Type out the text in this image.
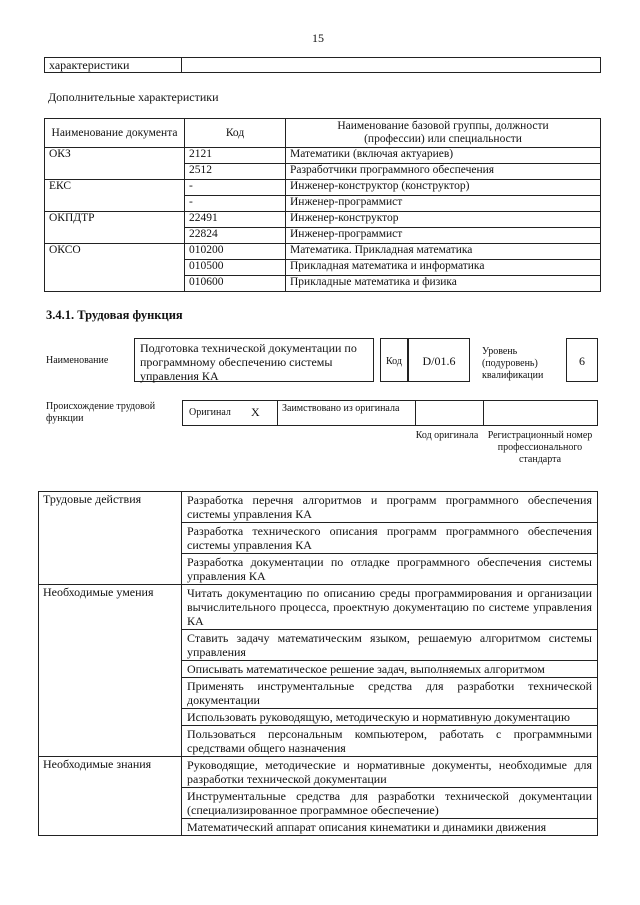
15
характеристики	
Дополнительные характеристики
Наименование документа	Код	Наименование базовой группы, должности (профессии) или специальности
ОКЗ	2121	Математики (включая актуариев)
	2512	Разработчики программного обеспечения
ЕКС	-	Инженер-конструктор (конструктор)
	-	Инженер-программист
ОКПДТР	22491	Инженер-конструктор
	22824	Инженер-программист
ОКСО	010200	Математика. Прикладная математика
	010500	Прикладная математика и информатика
	010600	Прикладные математика и физика
3.4.1. Трудовая функция
Наименование
Подготовка технической документации по программному обеспечению системы управления КА
Код	D/01.6
Уровень (подуровень) квалификации
6
Происхождение трудовой функции
Оригинал X Заимствовано из оригинала
Код оригинала Регистрационный номер профессионального стандарта
Трудовые действия	Разработка перечня алгоритмов и программ программного обеспечения системы управления КА
	Разработка технического описания программ программного обеспечения системы управления КА
	Разработка документации по отладке программного обеспечения системы управления КА
Необходимые умения	Читать документацию по описанию среды программирования и организации вычислительного процесса, проектную документацию по системе управления КА
	Ставить задачу математическим языком, решаемую алгоритмом системы управления
	Описывать математическое решение задач, выполняемых алгоритмом
	Применять инструментальные средства для разработки технической документации
	Использовать руководящую, методическую и нормативную документацию
	Пользоваться персональным компьютером, работать с программными средствами общего назначения
Необходимые знания	Руководящие, методические и нормативные документы, необходимые для разработки технической документации
	Инструментальные средства для разработки технической документации (специализированное программное обеспечение)
	Математический аппарат описания кинематики и динамики движения
